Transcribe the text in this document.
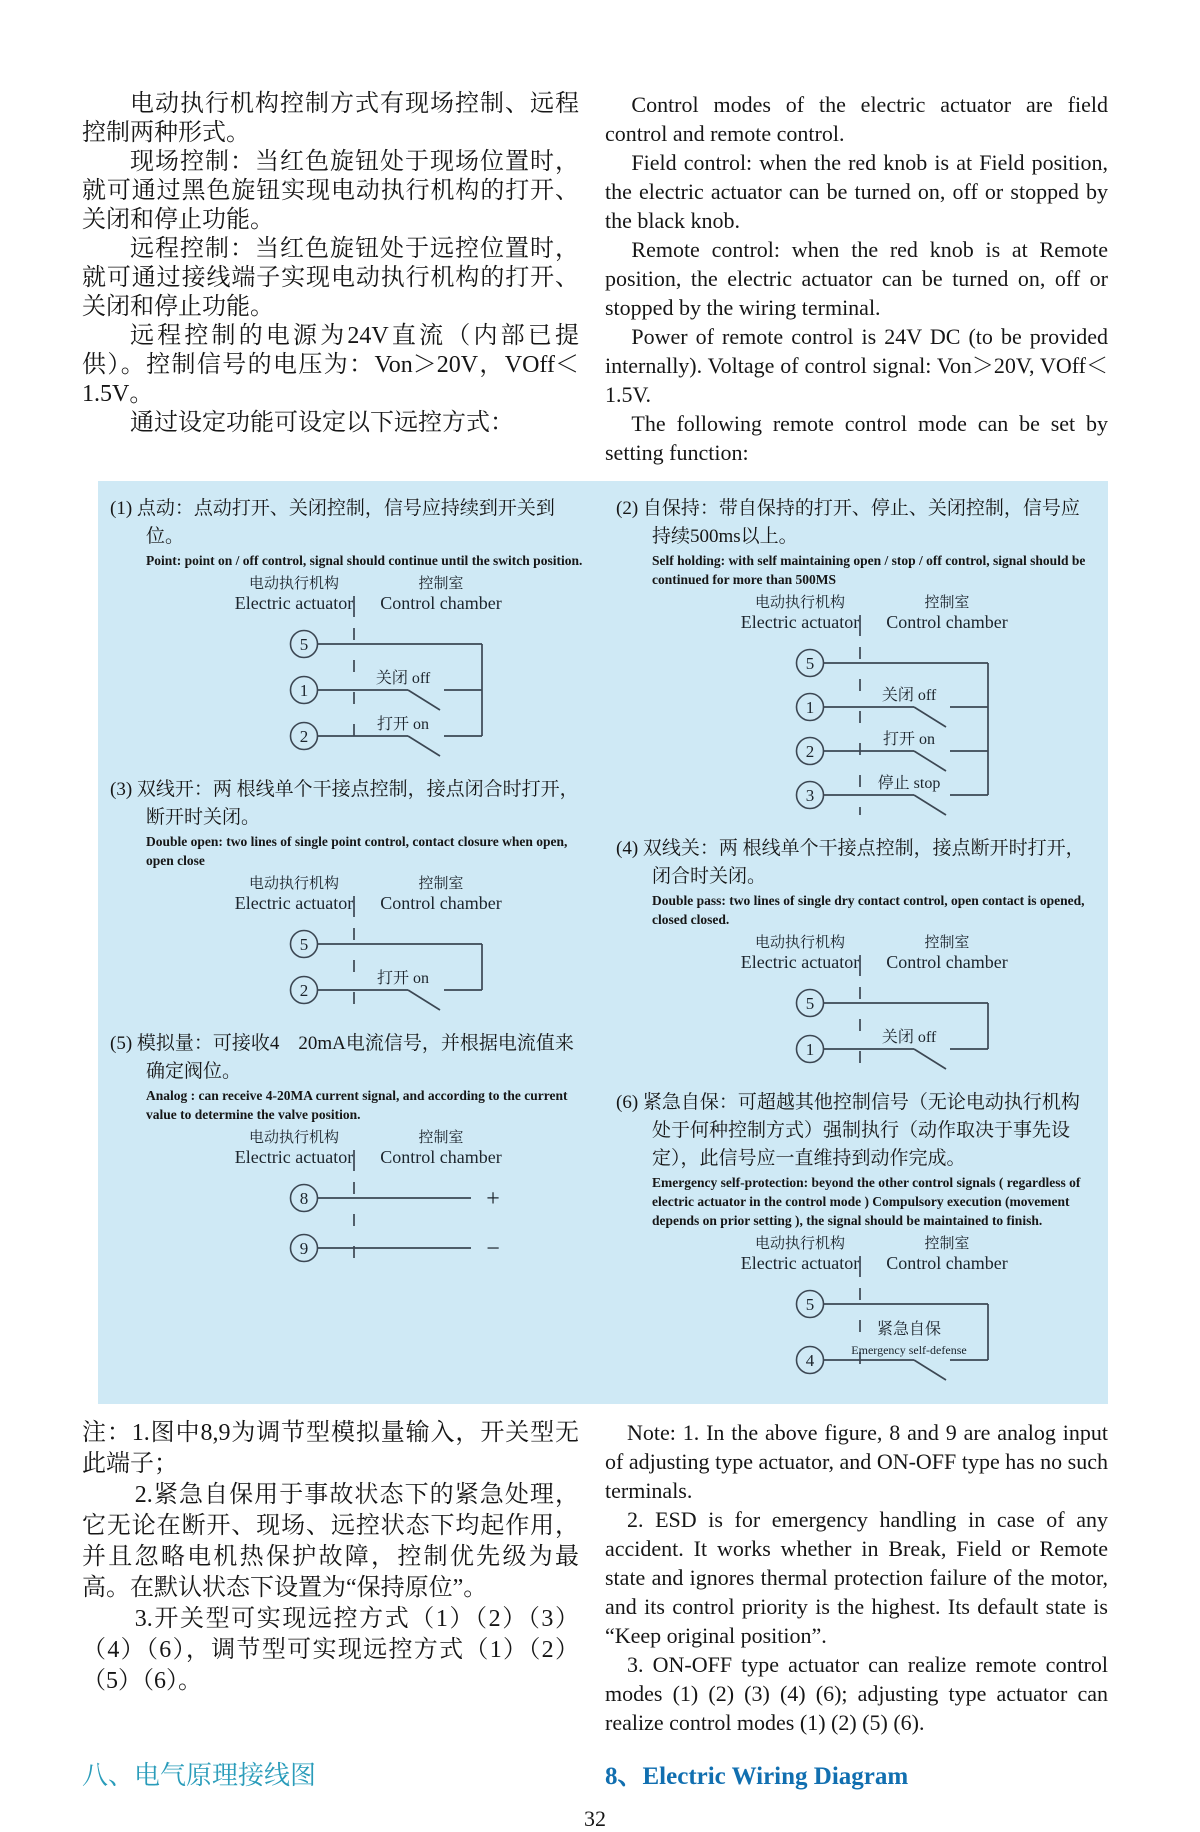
电动执行机构控制方式有现场控制、远程控制两种形式。

现场控制：当红色旋钮处于现场位置时，就可通过黑色旋钮实现电动执行机构的打开、关闭和停止功能。

远程控制：当红色旋钮处于远控位置时，就可通过接线端子实现电动执行机构的打开、关闭和停止功能。

远程控制的电源为24V直流（内部已提供）。控制信号的电压为：Von＞20V，VOff＜1.5V。

通过设定功能可设定以下远控方式：

Control modes of the electric actuator are field control and remote control.

Field control: when the red knob is at Field position, the electric actuator can be turned on, off or stopped by the black knob.

Remote control: when the red knob is at Remote position, the electric actuator can be turned on, off or stopped by the wiring terminal.

Power of remote control is 24V DC (to be provided internally). Voltage of control signal: Von＞20V, VOff＜1.5V.

The following remote control mode can be set by setting function:

(1) 点动：点动打开、关闭控制，信号应持续到开关到位。
Point: point on / off control, signal should continue until the switch position.
电动执行机构
Electric actuator
控制室
Control chamber
5
1
关闭 off
2
打开 on
(3) 双线开：两 根线单个干接点控制，接点闭合时打开，断开时关闭。
Double open: two lines of single point control, contact closure when open, open close
电动执行机构
Electric actuator
控制室
Control chamber
5
2
打开 on
(5) 模拟量：可接收4　20mA电流信号，并根据电流值来确定阀位。
Analog : can receive 4-20MA current signal, and according to the current value to determine the valve position.
电动执行机构
Electric actuator
控制室
Control chamber
8	+
9	−
(2) 自保持：带自保持的打开、停止、关闭控制，信号应持续500ms以上。
Self holding: with self maintaining open / stop / off control, signal should be continued for more than 500MS
电动执行机构
Electric actuator
控制室
Control chamber
5
1
关闭 off
2
打开 on
3
停止 stop
(4) 双线关：两 根线单个干接点控制，接点断开时打开，闭合时关闭。
Double pass: two lines of single dry contact control, open contact is opened, closed closed.
电动执行机构
Electric actuator
控制室
Control chamber
5
1
关闭 off
(6) 紧急自保：可超越其他控制信号（无论电动执行机构处于何种控制方式）强制执行（动作取决于事先设定），此信号应一直维持到动作完成。
Emergency self-protection: beyond the other control signals ( regardless of electric actuator in the control mode ) Compulsory execution (movement depends on prior setting ), the signal should be maintained to finish.
电动执行机构
Electric actuator
控制室
Control chamber
5
4
紧急自保
Emergency self-defense

注：1.图中8,9为调节型模拟量输入，开关型无此端子；

2.紧急自保用于事故状态下的紧急处理，它无论在断开、现场、远控状态下均起作用，并且忽略电机热保护故障，控制优先级为最高。在默认状态下设置为“保持原位”。

3.开关型可实现远控方式（1）（2）（3）（4）（6），调节型可实现远控方式（1）（2）（5）（6）。

Note: 1. In the above figure, 8 and 9 are analog input of adjusting type actuator, and ON-OFF type has no such terminals.

2. ESD is for emergency handling in case of any accident. It works whether in Break, Field or Remote state and ignores thermal protection failure of the motor, and its control priority is the highest. Its default state is “Keep original position”.

3. ON-OFF type actuator can realize remote control modes (1) (2) (3) (4) (6); adjusting type actuator can realize control modes (1) (2) (5) (6).

八、电气原理接线图	8、Electric Wiring Diagram
32
